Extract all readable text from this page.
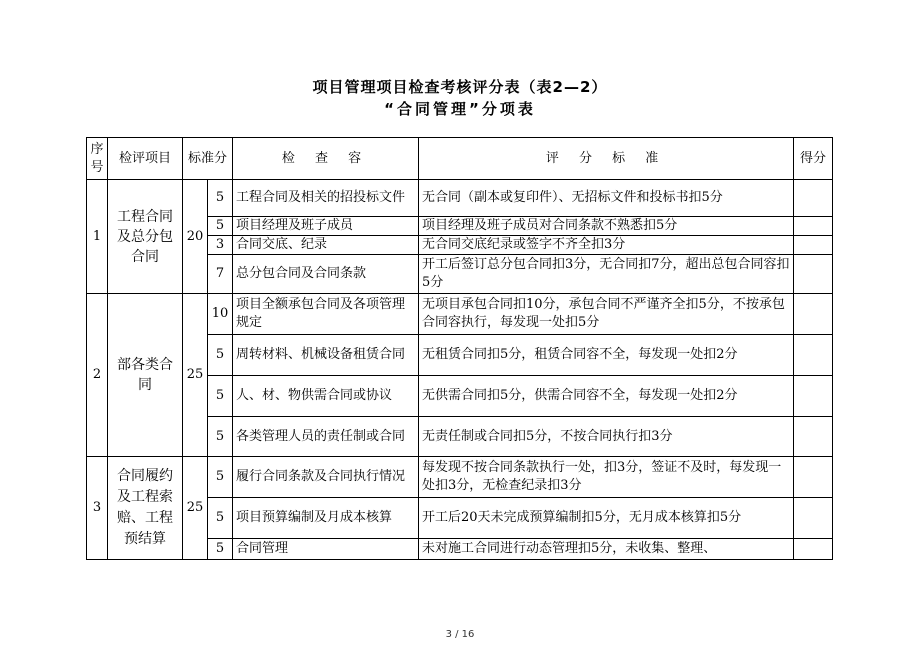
项目管理项目检查考核评分表（表2—2）
“合同管理”分项表
序号	检评项目	标准分		检 查 容	评 分 标 准	得分
1	工程合同及总分包合同	20	5	工程合同及相关的招投标文件	无合同（副本或复印件）、无招标文件和投标书扣5分	
			5	项目经理及班子成员	项目经理及班子成员对合同条款不熟悉扣5分	
			3	合同交底、纪录	无合同交底纪录或签字不齐全扣3分	
			7	总分包合同及合同条款	开工后签订总分包合同扣3分，无合同扣7分，超出总包合同容扣5分	
2	部各类合同	25	10	项目全额承包合同及各项管理规定	无项目承包合同扣10分，承包合同不严谨齐全扣5分，不按承包合同容执行，每发现一处扣5分	
			5	周转材料、机械设备租赁合同	无租赁合同扣5分，租赁合同容不全，每发现一处扣2分	
			5	人、材、物供需合同或协议	无供需合同扣5分，供需合同容不全，每发现一处扣2分	
			5	各类管理人员的责任制或合同	无责任制或合同扣5分，不按合同执行扣3分	
3	合同履约及工程索赔、工程预结算	25	5	履行合同条款及合同执行情况	每发现不按合同条款执行一处，扣3分，签证不及时，每发现一处扣3分，无检查纪录扣3分	
			5	项目预算编制及月成本核算	开工后20天未完成预算编制扣5分，无月成本核算扣5分	
			5	合同管理	未对施工合同进行动态管理扣5分，未收集、整理、	
3 / 16
